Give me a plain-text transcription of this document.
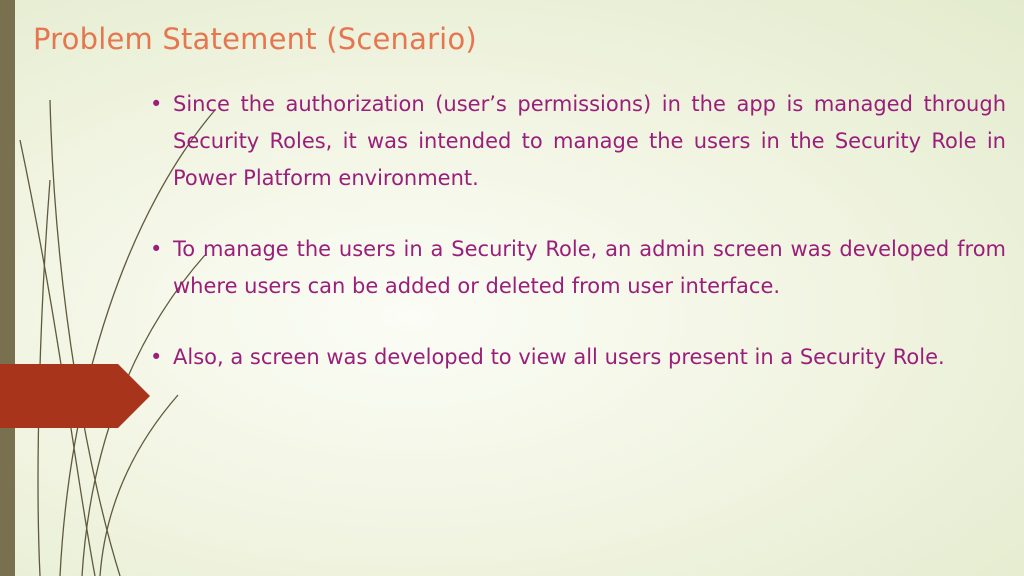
Problem Statement (Scenario)
• Since the authorization (user’s permissions) in the app is managed through Security Roles, it was intended to manage the users in the Security Role in Power Platform environment.
• To manage the users in a Security Role, an admin screen was developed from where users can be added or deleted from user interface.
• Also, a screen was developed to view all users present in a Security Role.
